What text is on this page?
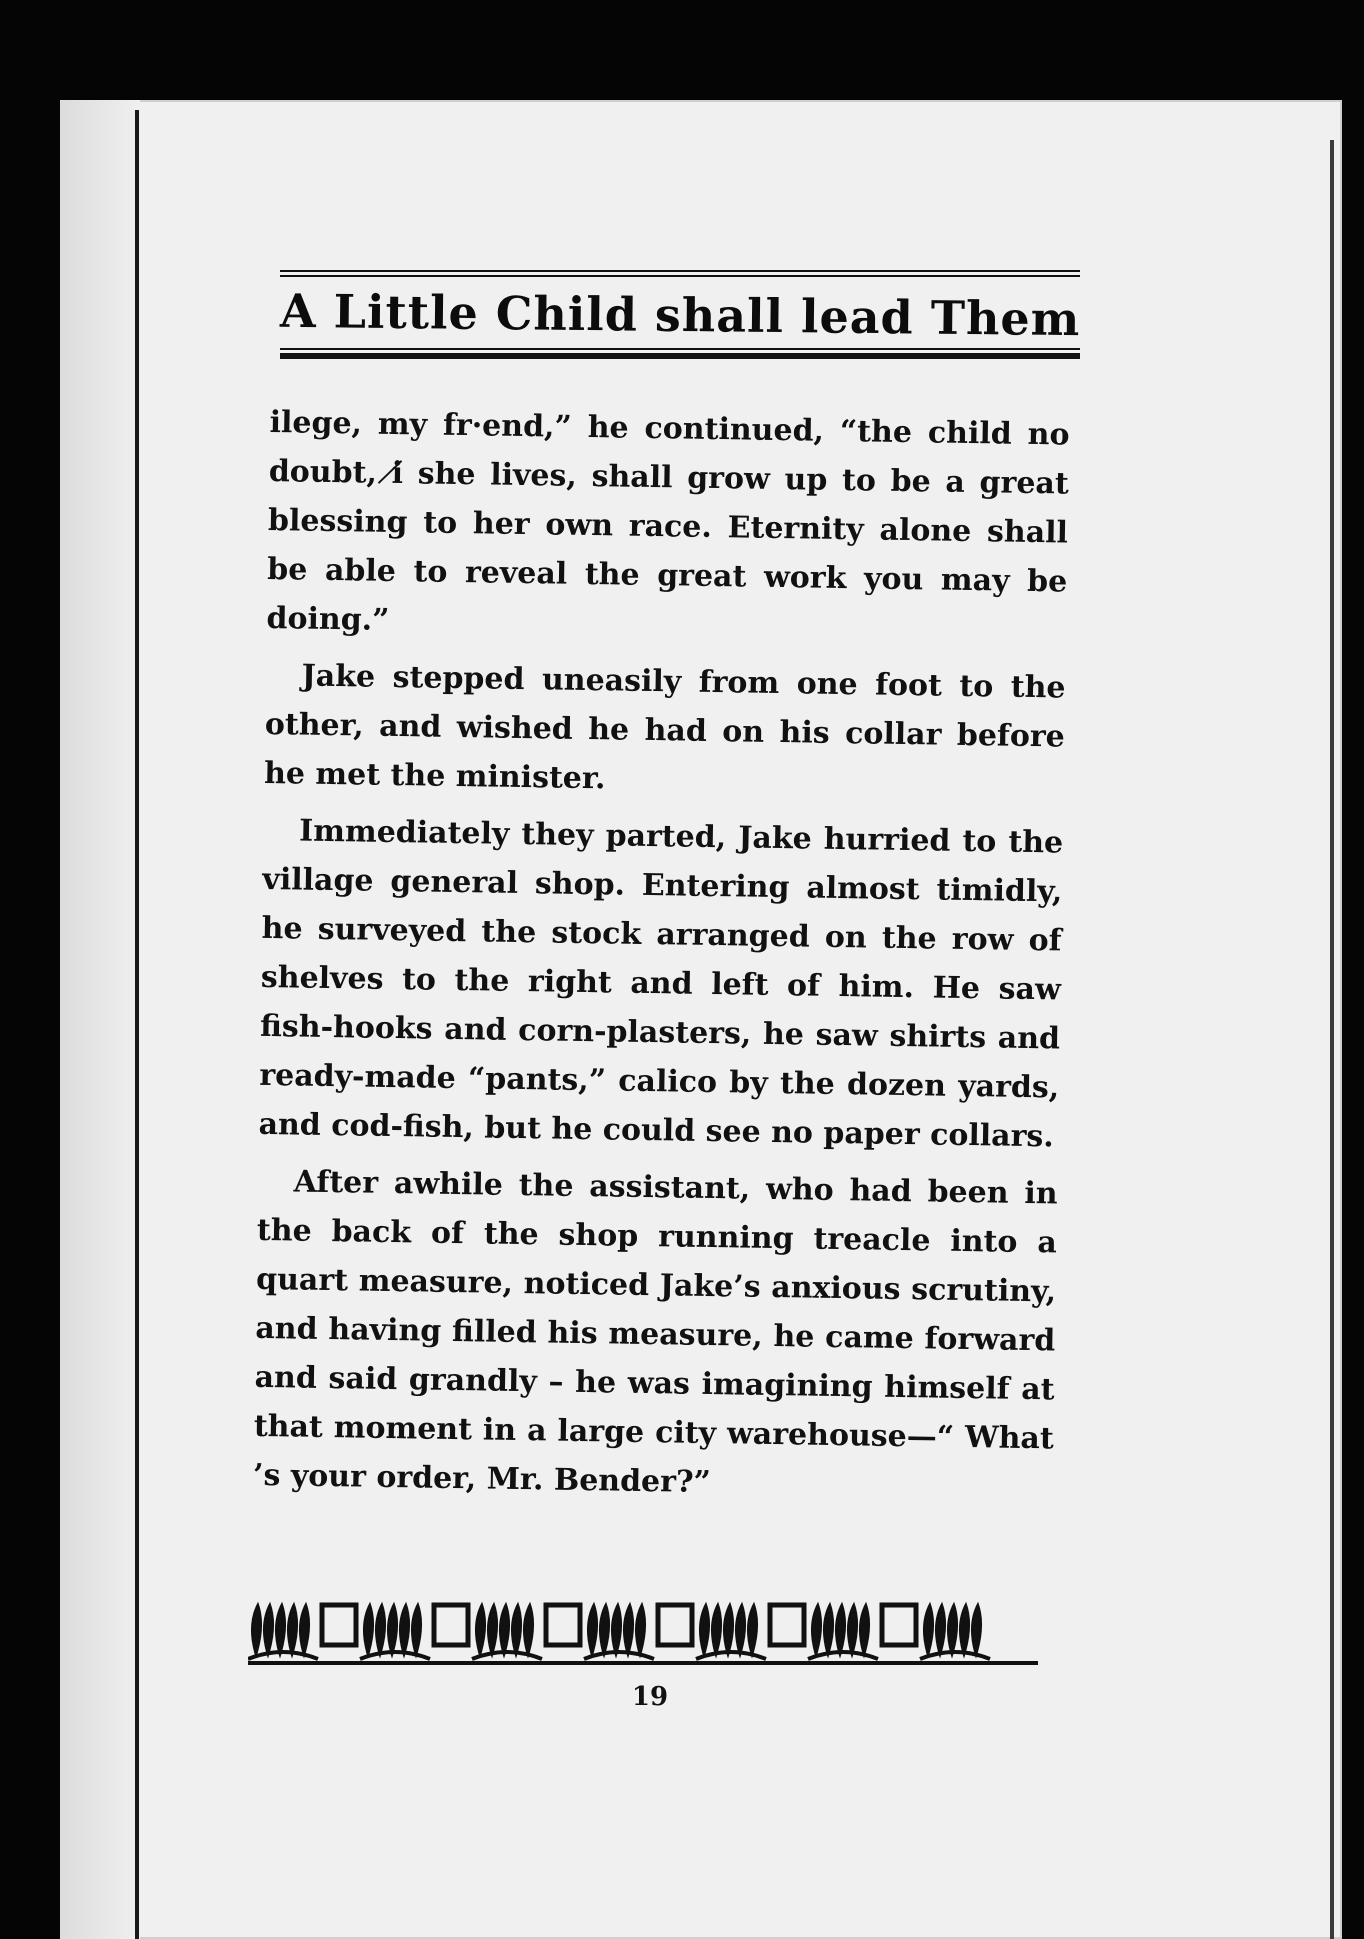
A Little Child shall lead Them

ilege, my fr·end,” he continued, “the child no doubt, i̸ she lives, shall grow up to be a great blessing to her own race. Eternity alone shall be able to reveal the great work you may be doing.”

Jake stepped uneasily from one foot to the other, and wished he had on his collar before he met the minister.

Immediately they parted, Jake hurried to the village general shop. Entering almost timidly, he surveyed the stock arranged on the row of shelves to the right and left of him. He saw fish-hooks and corn-plasters, he saw shirts and ready-made “pants,” calico by the dozen yards, and cod-fish, but he could see no paper collars.

After awhile the assistant, who had been in the back of the shop running treacle into a quart measure, noticed Jake’s anxious scrutiny, and having filled his measure, he came forward and said grandly – he was imagining himself at that moment in a large city warehouse—“ What ’s your order, Mr. Bender?”

19
